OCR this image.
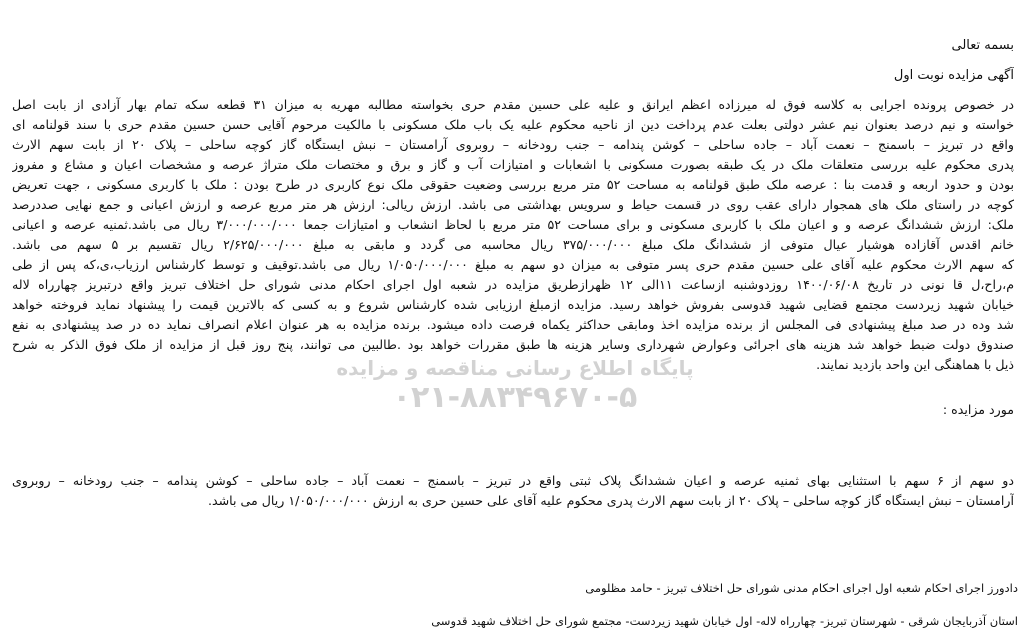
پایگاه اطلاع رسانی مناقصه و مزایده
۰۲۱-۸۸۳۴۹۶۷۰-۵
بسمه تعالی
آگهی مزایده نوبت اول
در خصوص پرونده اجرایی به کلاسه فوق له میرزاده اعظم ایرانق و علیه علی حسین مقدم حری بخواسته مطالبه مهریه به میزان ۳۱ قطعه سکه تمام بهار آزادی از بابت اصل
خواسته و نیم درصد بعنوان نیم عشر دولتی بعلت عدم پرداخت دین از ناحیه محکوم علیه یک باب ملک مسکونی با مالکیت مرحوم آقایی حسن حسین مقدم حری با سند قولنامه ای
واقع در تبریز – باسمنج – نعمت آباد – جاده ساحلی – کوشن پندامه – جنب رودخانه – روبروی آرامستان – نبش ایستگاه گاز کوچه ساحلی – پلاک ۲۰ از بابت سهم الارث
پدری محکوم علیه بررسی متعلقات ملک در یک طبقه بصورت مسکونی با اشعابات و امتیازات آب و گاز و برق و مختصات ملک متراژ عرصه و مشخصات اعیان و مشاع و مفروز
بودن و حدود اربعه و قدمت بنا : عرصه ملک طبق قولنامه به مساحت ۵۲ متر مربع بررسی وضعیت حقوقی ملک نوع کاربری در طرح بودن : ملک با کاربری مسکونی ، جهت تعریض
کوچه در راستای ملک های همجوار دارای عقب روی در قسمت حیاط و سرویس بهداشتی می باشد. ارزش ریالی: ارزش هر متر مربع عرصه و ارزش اعیانی و جمع نهایی صددرصد
ملک: ارزش ششدانگ عرصه و و اعیان ملک با کاربری مسکونی و برای مساحت ۵۲ متر مربع با لحاظ انشعاب و امتیازات جمعا ۳/۰۰۰/۰۰۰/۰۰۰ ریال می باشد.ثمنیه عرصه و اعیانی
خانم اقدس آقازاده هوشیار عیال متوفی از ششدانگ ملک مبلغ ۳۷۵/۰۰۰/۰۰۰ ریال محاسبه می گردد و مابقی به مبلغ ۲/۶۲۵/۰۰۰/۰۰۰ ریال تقسیم بر ۵ سهم می باشد.
که سهم الارث محکوم علیه آقای علی حسین مقدم حری پسر متوفی به میزان دو سهم به مبلغ ۱/۰۵۰/۰۰۰/۰۰۰ ریال می باشد.توقیف و توسط کارشناس ارزیاب،ی،که پس از طی
م،راح،ل قا نونی در تاریخ ۱۴۰۰/۰۶/۰۸ روزدوشنبه ازساعت ۱۱الی ۱۲ ظهرازطریق مزایده در شعبه اول اجرای احکام مدنی شورای حل اختلاف تبریز واقع درتبریز چهارراه لاله
خیابان شهید زیردست مجتمع قضایی شهید قدوسی بفروش خواهد رسید. مزایده ازمبلغ ارزیابی شده کارشناس شروع و به کسی که بالاترین قیمت را پیشنهاد نماید فروخته خواهد
شد وده در صد مبلغ پیشنهادی فی المجلس از برنده مزایده اخذ ومابقی حداکثر یکماه فرصت داده میشود. برنده مزایده به هر عنوان اعلام انصراف نماید ده در صد پیشنهادی به نفع
صندوق دولت ضبط خواهد شد هزینه های اجرائی وعوارض شهرداری وسایر هزینه ها طبق مقررات خواهد بود .طالبین می توانند، پنج روز قبل از مزایده از ملک فوق الذکر به شرح
ذیل با هماهنگی این واحد بازدید نمایند.
مورد مزایده :
دو سهم از ۶ سهم با استثنایی بهای ثمنیه عرصه و اعیان ششدانگ پلاک ثبتی واقع در تبریز – باسمنج – نعمت آباد – جاده ساحلی – کوشن پندامه – جنب رودخانه – روبروی
آرامستان – نبش ایستگاه گاز کوچه ساحلی – پلاک ۲۰ از بابت سهم الارث پدری محکوم علیه آقای علی حسین حری به ارزش ۱/۰۵۰/۰۰۰/۰۰۰ ریال می باشد.
دادورز اجرای احکام شعبه اول اجرای احکام مدنی شورای حل اختلاف تبریز - حامد مظلومی
استان آذربایجان شرقی - شهرستان تبریز- چهارراه لاله- اول خیابان شهید زیردست- مجتمع شورای حل اختلاف شهید قدوسی
